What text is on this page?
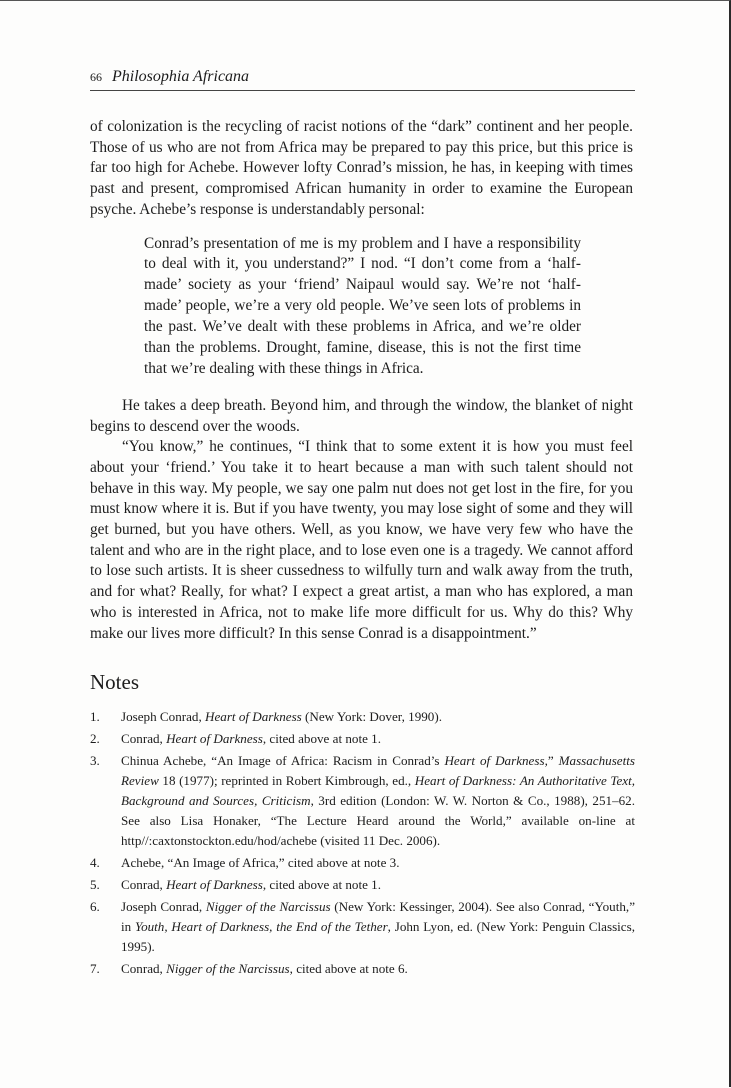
66 Philosophia Africana

of colonization is the recycling of racist notions of the “dark” continent and her people. Those of us who are not from Africa may be prepared to pay this price, but this price is far too high for Achebe. However lofty Conrad’s mission, he has, in keeping with times past and present, compromised African humanity in order to examine the European psyche. Achebe’s response is understandably personal:

Conrad’s presentation of me is my problem and I have a responsibility to deal with it, you understand?” I nod. “I don’t come from a ‘half-made’ society as your ‘friend’ Naipaul would say. We’re not ‘half-made’ people, we’re a very old people. We’ve seen lots of problems in the past. We’ve dealt with these problems in Africa, and we’re older than the problems. Drought, famine, disease, this is not the first time that we’re dealing with these things in Africa.

He takes a deep breath. Beyond him, and through the window, the blanket of night begins to descend over the woods.

“You know,” he continues, “I think that to some extent it is how you must feel about your ‘friend.’ You take it to heart because a man with such talent should not behave in this way. My people, we say one palm nut does not get lost in the fire, for you must know where it is. But if you have twenty, you may lose sight of some and they will get burned, but you have others. Well, as you know, we have very few who have the talent and who are in the right place, and to lose even one is a tragedy. We cannot afford to lose such artists. It is sheer cussedness to wilfully turn and walk away from the truth, and for what? Really, for what? I expect a great artist, a man who has explored, a man who is interested in Africa, not to make life more difficult for us. Why do this? Why make our lives more difficult? In this sense Conrad is a disappointment.”

Notes
1. Joseph Conrad, Heart of Darkness (New York: Dover, 1990).
2. Conrad, Heart of Darkness, cited above at note 1.
3. Chinua Achebe, “An Image of Africa: Racism in Conrad’s Heart of Darkness,” Massachusetts Review 18 (1977); reprinted in Robert Kimbrough, ed., Heart of Darkness: An Authoritative Text, Background and Sources, Criticism, 3rd edition (London: W. W. Norton & Co., 1988), 251–62. See also Lisa Honaker, “The Lecture Heard around the World,” available on-line at http//:caxtonstockton.edu/hod/achebe (visited 11 Dec. 2006).
4. Achebe, “An Image of Africa,” cited above at note 3.
5. Conrad, Heart of Darkness, cited above at note 1.
6. Joseph Conrad, Nigger of the Narcissus (New York: Kessinger, 2004). See also Conrad, “Youth,” in Youth, Heart of Darkness, the End of the Tether, John Lyon, ed. (New York: Penguin Classics, 1995).
7. Conrad, Nigger of the Narcissus, cited above at note 6.
